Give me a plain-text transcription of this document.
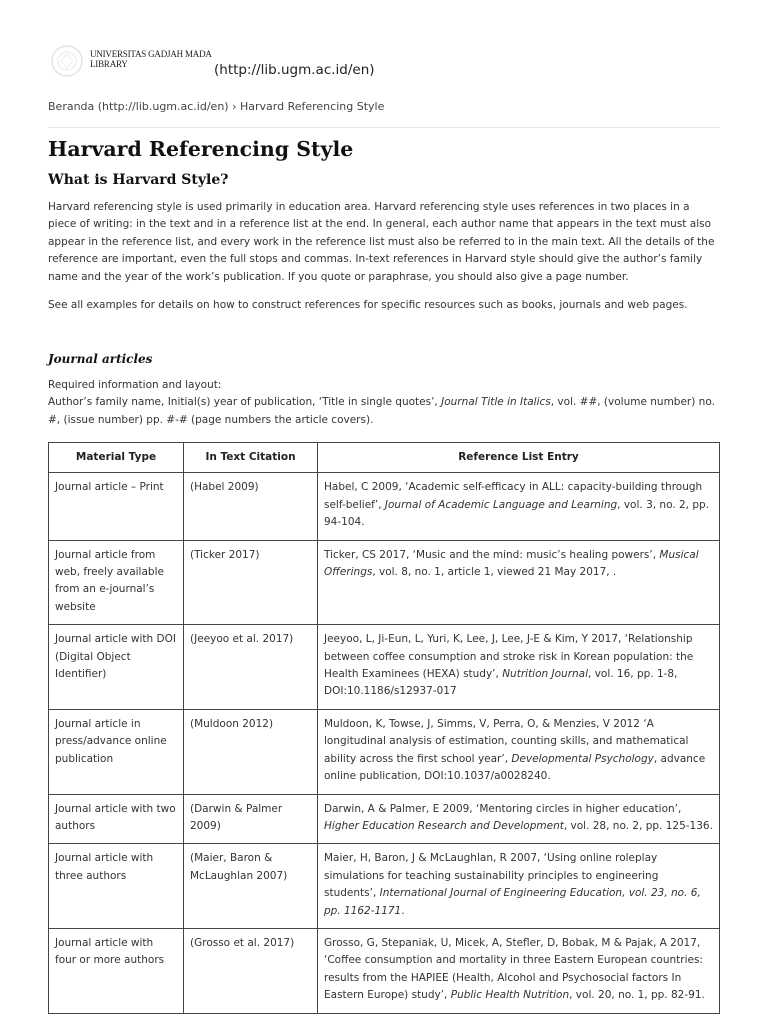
UNIVERSITAS GADJAH MADA
LIBRARY	(http://lib.ugm.ac.id/en)
Beranda (http://lib.ugm.ac.id/en) › Harvard Referencing Style
Harvard Referencing Style
What is Harvard Style?

Harvard referencing style is used primarily in education area. Harvard referencing style uses references in two places in a piece of writing: in the text and in a reference list at the end. In general, each author name that appears in the text must also appear in the reference list, and every work in the reference list must also be referred to in the main text. All the details of the reference are important, even the full stops and commas. In-text references in Harvard style should give the author’s family name and the year of the work’s publication. If you quote or paraphrase, you should also give a page number.

See all examples for details on how to construct references for specific resources such as books, journals and web pages.

Journal articles

Required information and layout:
Author’s family name, Initial(s) year of publication, ‘Title in single quotes’, Journal Title in Italics, vol. ##, (volume number) no. #, (issue number) pp. #-# (page numbers the article covers).

Material Type	In Text Citation	Reference List Entry
Journal article – Print	(Habel 2009)	Habel, C 2009, ‘Academic self-efficacy in ALL: capacity-building through self-belief’, Journal of Academic Language and Learning, vol. 3, no. 2, pp. 94-104.
Journal article from web, freely available from an e-journal’s website	(Ticker 2017)	Ticker, CS 2017, ‘Music and the mind: music’s healing powers’, Musical Offerings, vol. 8, no. 1, article 1, viewed 21 May 2017, .
Journal article with DOI (Digital Object Identifier)	(Jeeyoo et al. 2017)	Jeeyoo, L, Ji-Eun, L, Yuri, K, Lee, J, Lee, J-E & Kim, Y 2017, ‘Relationship between coffee consumption and stroke risk in Korean population: the Health Examinees (HEXA) study’, Nutrition Journal, vol. 16, pp. 1-8, DOI:10.1186/s12937-017
Journal article in press/advance online publication	(Muldoon 2012)	Muldoon, K, Towse, J, Simms, V, Perra, O, & Menzies, V 2012 ‘A longitudinal analysis of estimation, counting skills, and mathematical ability across the first school year’, Developmental Psychology, advance online publication, DOI:10.1037/a0028240.
Journal article with two authors	(Darwin & Palmer 2009)	Darwin, A & Palmer, E 2009, ‘Mentoring circles in higher education’, Higher Education Research and Development, vol. 28, no. 2, pp. 125-136.
Journal article with three authors	(Maier, Baron & McLaughlan 2007)	Maier, H, Baron, J & McLaughlan, R 2007, ‘Using online roleplay simulations for teaching sustainability principles to engineering students’, International Journal of Engineering Education, vol. 23, no. 6, pp. 1162-1171.
Journal article with four or more authors	(Grosso et al. 2017)	Grosso, G, Stepaniak, U, Micek, A, Stefler, D, Bobak, M & Pajak, A 2017, ‘Coffee consumption and mortality in three Eastern European countries: results from the HAPIEE (Health, Alcohol and Psychosocial factors In Eastern Europe) study’, Public Health Nutrition, vol. 20, no. 1, pp. 82-91.
